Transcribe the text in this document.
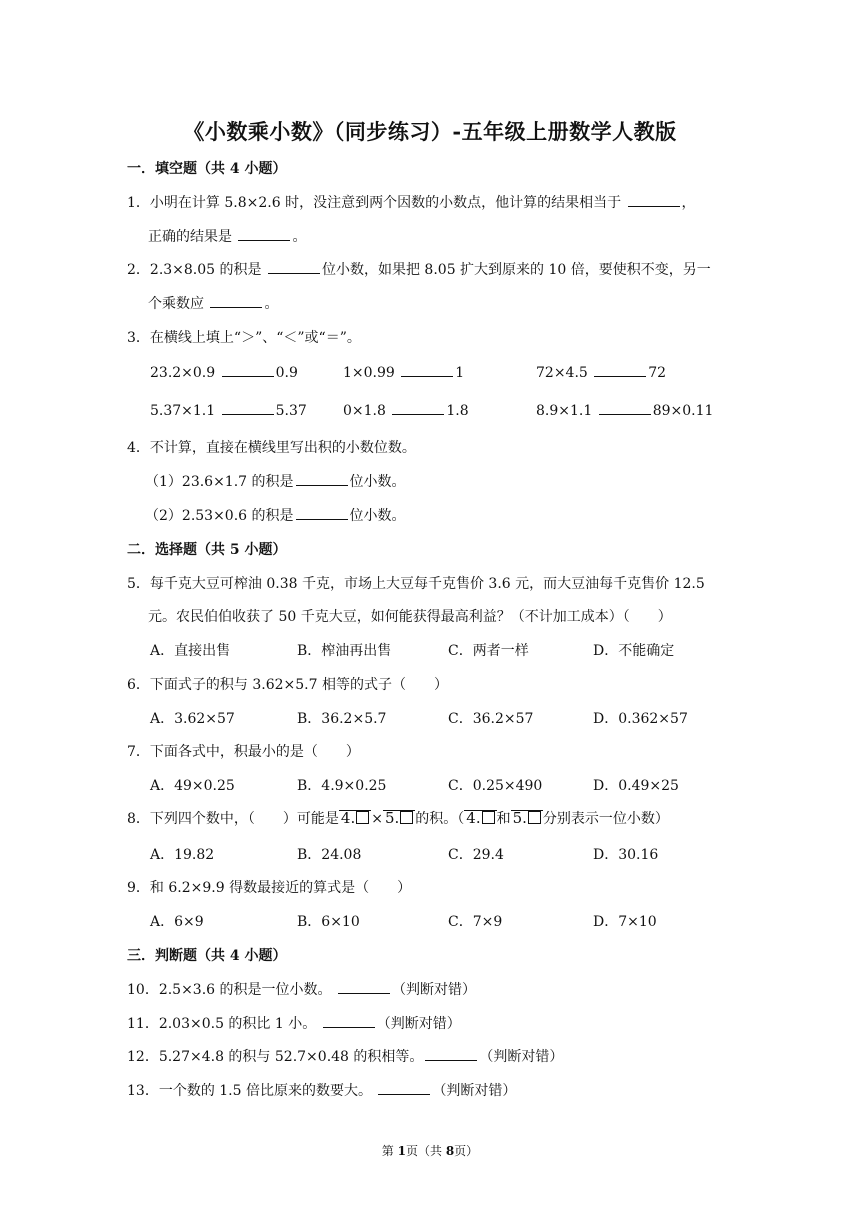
《小数乘小数》（同步练习）-五年级上册数学人教版
一．填空题（共 4 小题）
1．小明在计算 5.8×2.6 时，没注意到两个因数的小数点，他计算的结果相当于	，
正确的结果是	。
2．2.3×8.05 的积是	位小数，如果把 8.05 扩大到原来的 10 倍，要使积不变，另一
个乘数应	。
3．在横线上填上“＞”、“＜”或“＝”。
23.2×0.9	0.9	1×0.99	1	72×4.5	72
5.37×1.1	5.37	0×1.8	1.8	8.9×1.1	89×0.11
4．不计算，直接在横线里写出积的小数位数。
（1）23.6×1.7 的积是	位小数。
（2）2.53×0.6 的积是	位小数。
二．选择题（共 5 小题）
5．每千克大豆可榨油 0.38 千克，市场上大豆每千克售价 3.6 元，而大豆油每千克售价 12.5
元。农民伯伯收获了 50 千克大豆，如何能获得最高利益？（不计加工成本）（　　）
A．直接出售	B．榨油再出售	C．两者一样	D．不能确定
6．下面式子的积与 3.62×5.7 相等的式子（　　）
A．3.62×57	B．36.2×5.7	C．36.2×57	D．0.362×57
7．下面各式中，积最小的是（　　）
A．49×0.25	B．4.9×0.25	C．0.25×490	D．0.49×25
8．下列四个数中，（　　）可能是 4. × 5. 的积。（ 4. 和 5. 分别表示一位小数）
A．19.82	B．24.08	C．29.4	D．30.16
9．和 6.2×9.9 得数最接近的算式是（　　）
A．6×9	B．6×10	C．7×9	D．7×10
三．判断题（共 4 小题）
10．2.5×3.6 的积是一位小数。	（判断对错）
11．2.03×0.5 的积比 1 小。	（判断对错）
12．5.27×4.8 的积与 52.7×0.48 的积相等。	（判断对错）
13．一个数的 1.5 倍比原来的数要大。	（判断对错）
第 1页（共 8页）
